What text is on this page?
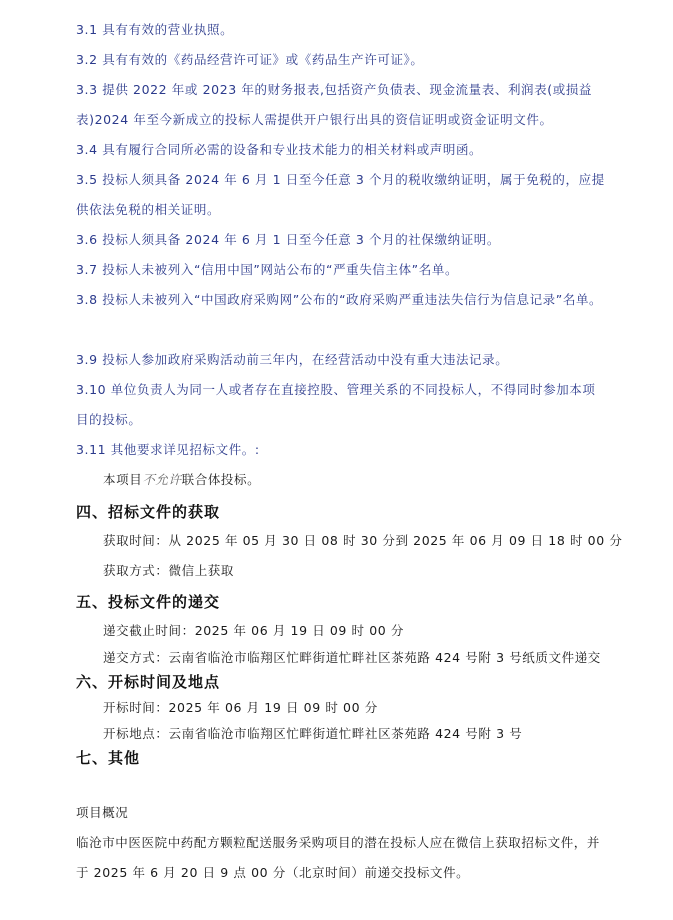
3.1 具有有效的营业执照。

3.2 具有有效的《药品经营许可证》或《药品生产许可证》。

3.3 提供 2022 年或 2023 年的财务报表,包括资产负债表、现金流量表、利润表(或损益表)2024 年至今新成立的投标人需提供开户银行出具的资信证明或资金证明文件。

3.4 具有履行合同所必需的设备和专业技术能力的相关材料或声明函。

3.5 投标人须具备 2024 年 6 月 1 日至今任意 3 个月的税收缴纳证明，属于免税的，应提供依法免税的相关证明。

3.6 投标人须具备 2024 年 6 月 1 日至今任意 3 个月的社保缴纳证明。

3.7 投标人未被列入“信用中国”网站公布的“严重失信主体”名单。

3.8 投标人未被列入“中国政府采购网”公布的“政府采购严重违法失信行为信息记录”名单。

3.9 投标人参加政府采购活动前三年内，在经营活动中没有重大违法记录。

3.10 单位负责人为同一人或者存在直接控股、管理关系的不同投标人，不得同时参加本项目的投标。

3.11 其他要求详见招标文件。:

本项目不允许联合体投标。

四、招标文件的获取

获取时间：从 2025 年 05 月 30 日 08 时 30 分到 2025 年 06 月 09 日 18 时 00 分

获取方式：微信上获取

五、投标文件的递交

递交截止时间：2025 年 06 月 19 日 09 时 00 分

递交方式：云南省临沧市临翔区忙畔街道忙畔社区茶苑路 424 号附 3 号纸质文件递交

六、开标时间及地点

开标时间：2025 年 06 月 19 日 09 时 00 分

开标地点：云南省临沧市临翔区忙畔街道忙畔社区茶苑路 424 号附 3 号

七、其他

项目概况

临沧市中医医院中药配方颗粒配送服务采购项目的潜在投标人应在微信上获取招标文件，并于 2025 年 6 月 20 日 9 点 00 分（北京时间）前递交投标文件。
